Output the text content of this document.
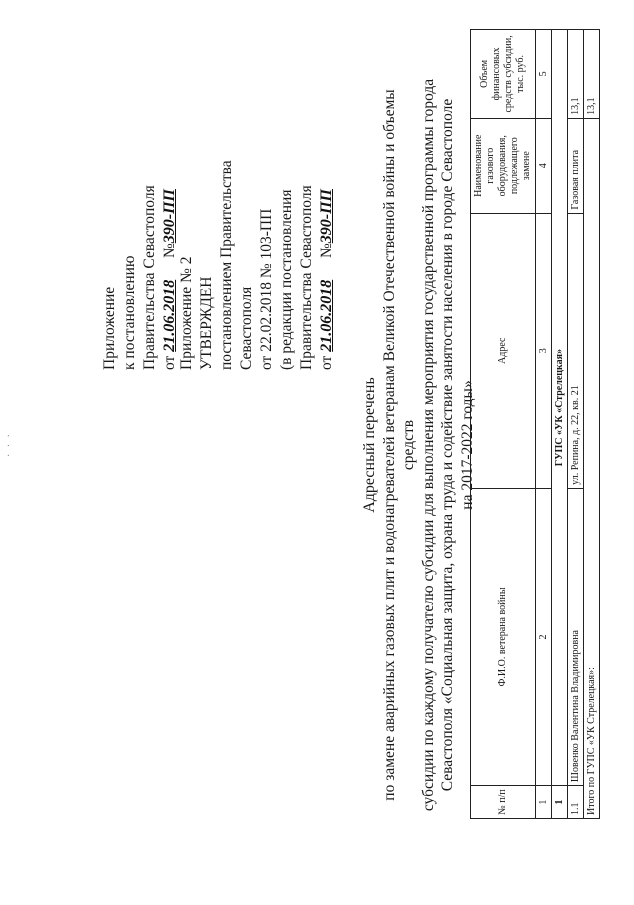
· · ·
Приложение к постановлению Правительства Севастополя от 21.06.2018  №390-ПП
Приложение № 2 УТВЕРЖДЕН постановлением Правительства Севастополя от 22.02.2018 № 103-ПП (в редакции постановления Правительства Севастополя от 21.06.2018  №390-ПП
Адресный перечень по замене аварийных газовых плит и водонагревателей ветеранам Великой Отечественной войны и объемы средств субсидии по каждому получателю субсидии для выполнения мероприятия государственной программы города Севастополя «Социальная защита, охрана труда и содействие занятости населения в городе Севастополе на 2017-2022 годы»
№ п/п	Ф.И.О. ветерана войны	Адрес	Наименование газового оборудования, подлежащего замене	Объем финансовых средств субсидии, тыс. руб.
1	2	3	4	5
1	ГУПС «УК «Стрелецкая»			
1.1	Шовенко Валентина Владимировна	ул. Репина, д. 22, кв. 21	Газовая плита	13,1
Итого по ГУПС «УК Стрелецкая»:				13,1
